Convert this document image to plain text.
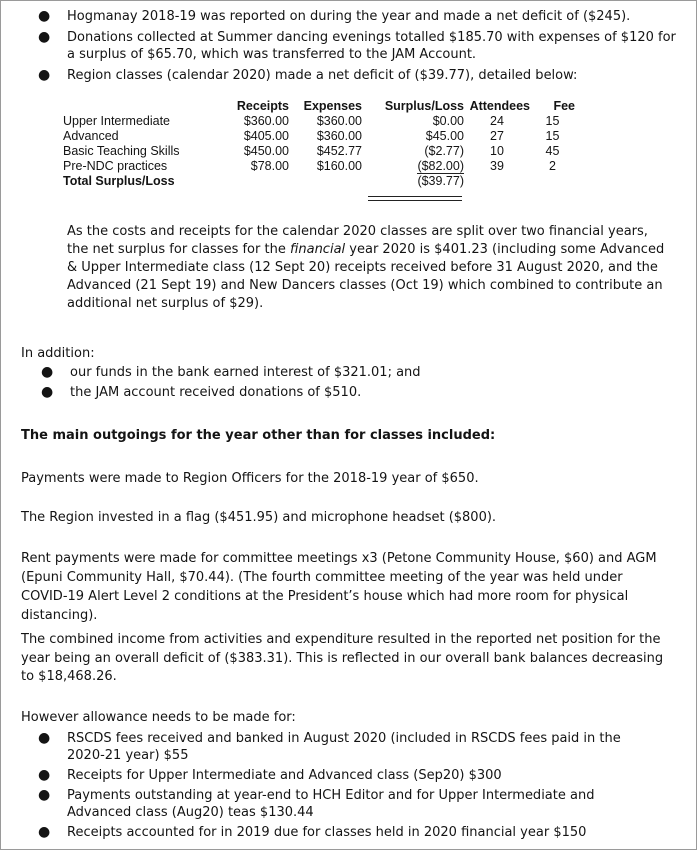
● Hogmanay 2018-19 was reported on during the year and made a net deficit of ($245).
● Donations collected at Summer dancing evenings totalled $185.70 with expenses of $120 for a surplus of $65.70, which was transferred to the JAM Account.
● Region classes (calendar 2020) made a net deficit of ($39.77), detailed below:
	Receipts	Expenses	Surplus/Loss	Attendees	Fee
Upper Intermediate	$360.00	$360.00	$0.00	24	15
Advanced	$405.00	$360.00	$45.00	27	15
Basic Teaching Skills	$450.00	$452.77	($2.77)	10	45
Pre-NDC practices	$78.00	$160.00	($82.00)	39	2
Total Surplus/Loss			($39.77)		

As the costs and receipts for the calendar 2020 classes are split over two financial years, the net surplus for classes for the financial year 2020 is $401.23 (including some Advanced & Upper Intermediate class (12 Sept 20) receipts received before 31 August 2020, and the Advanced (21 Sept 19) and New Dancers classes (Oct 19) which combined to contribute an additional net surplus of $29).

In addition:

● our funds in the bank earned interest of $321.01; and
● the JAM account received donations of $510.

The main outgoings for the year other than for classes included:

Payments were made to Region Officers for the 2018-19 year of $650.

The Region invested in a flag ($451.95) and microphone headset ($800).

Rent payments were made for committee meetings x3 (Petone Community House, $60) and AGM (Epuni Community Hall, $70.44). (The fourth committee meeting of the year was held under COVID-19 Alert Level 2 conditions at the President’s house which had more room for physical distancing).

The combined income from activities and expenditure resulted in the reported net position for the year being an overall deficit of ($383.31). This is reflected in our overall bank balances decreasing to $18,468.26.

However allowance needs to be made for:

● RSCDS fees received and banked in August 2020 (included in RSCDS fees paid in the 2020-21 year) $55
● Receipts for Upper Intermediate and Advanced class (Sep20) $300
● Payments outstanding at year-end to HCH Editor and for Upper Intermediate and Advanced class (Aug20) teas $130.44
● Receipts accounted for in 2019 due for classes held in 2020 financial year $150
